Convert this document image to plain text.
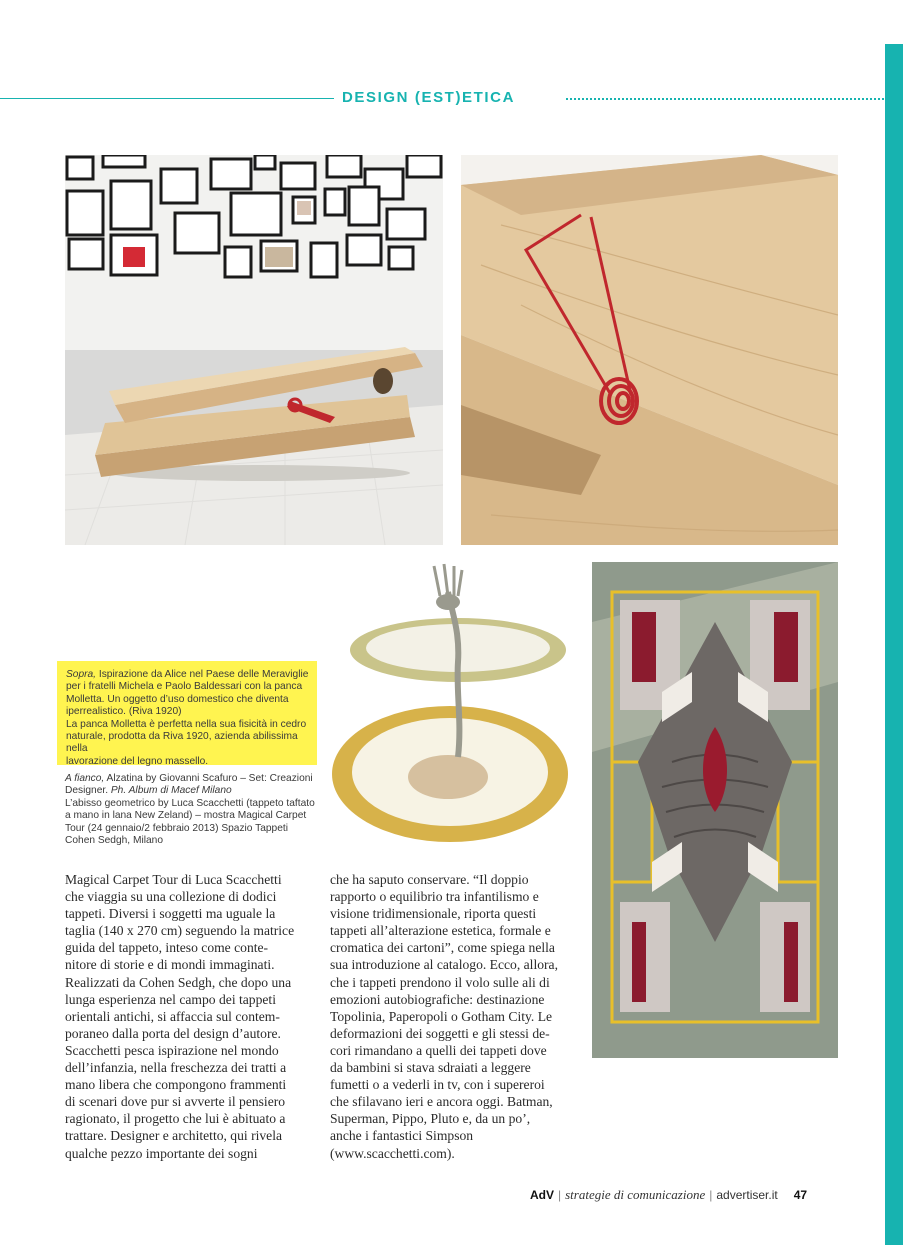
DESIGN (EST)ETICA

Sopra, Ispirazione da Alice nel Paese delle Meraviglie

per i fratelli Michela e Paolo Baldessari con la panca

Molletta. Un oggetto d’uso domestico che diventa

iperrealistico. (Riva 1920)

La panca Molletta è perfetta nella sua fisicità in cedro

naturale, prodotta da Riva 1920, azienda abilissima nella

lavorazione del legno massello.

A fianco, Alzatina by Giovanni Scafuro – Set: Creazioni

Designer. Ph. Album di Macef Milano

L’abisso geometrico by Luca Scacchetti (tappeto taftato

a mano in lana New Zeland) – mostra Magical Carpet

Tour (24 gennaio/2 febbraio 2013) Spazio Tappeti

Cohen Sedgh, Milano

Magical Carpet Tour di Luca Scacchetti

che viaggia su una collezione di dodici

tappeti. Diversi i soggetti ma uguale la

taglia (140 x 270 cm) seguendo la matrice

guida del tappeto, inteso come conte-

nitore di storie e di mondi immaginati.

Realizzati da Cohen Sedgh, che dopo una

lunga esperienza nel campo dei tappeti

orientali antichi, si affaccia sul contem-

poraneo dalla porta del design d’autore.

Scacchetti pesca ispirazione nel mondo

dell’infanzia, nella freschezza dei tratti a

mano libera che compongono frammenti

di scenari dove pur si avverte il pensiero

ragionato, il progetto che lui è abituato a

trattare. Designer e architetto, qui rivela

qualche pezzo importante dei sogni

che ha saputo conservare. “Il doppio

rapporto o equilibrio tra infantilismo e

visione tridimensionale, riporta questi

tappeti all’alterazione estetica, formale e

cromatica dei cartoni”, come spiega nella

sua introduzione al catalogo. Ecco, allora,

che i tappeti prendono il volo sulle ali di

emozioni autobiografiche: destinazione

Topolinia, Paperopoli o Gotham City. Le

deformazioni dei soggetti e gli stessi de-

cori rimandano a quelli dei tappeti dove

da bambini si stava sdraiati a leggere

fumetti o a vederli in tv, con i supereroi

che sfilavano ieri e ancora oggi. Batman,

Superman, Pippo, Pluto e, da un po’,

anche i fantastici Simpson

(www.scacchetti.com).

AdV | strategie di comunicazione | advertiser.it 47
